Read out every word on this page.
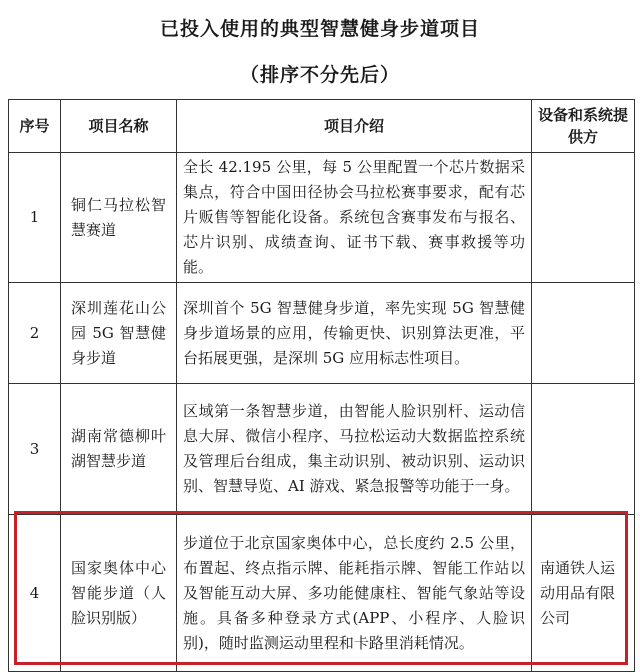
已投入使用的典型智慧健身步道项目
（排序不分先后）
序号	项目名称	项目介绍	设备和系统提供方
1	铜仁马拉松智慧赛道	全长 42.195 公里，每 5 公里配置一个芯片数据采集点，符合中国田径协会马拉松赛事要求，配有芯片贩售等智能化设备。系统包含赛事发布与报名、芯片识别、成绩查询、证书下载、赛事救援等功能。	
2	深圳莲花山公园 5G 智慧健身步道	深圳首个 5G 智慧健身步道，率先实现 5G 智慧健身步道场景的应用，传输更快、识别算法更准，平台拓展更强，是深圳 5G 应用标志性项目。	
3	湖南常德柳叶湖智慧步道	区域第一条智慧步道，由智能人脸识别杆、运动信息大屏、微信小程序、马拉松运动大数据监控系统及管理后台组成，集主动识别、被动识别、运动识别、智慧导览、AI 游戏、紧急报警等功能于一身。	
4	国家奥体中心智能步道（人脸识别版）	步道位于北京国家奥体中心，总长度约 2.5 公里，布置起、终点指示牌、能耗指示牌、智能工作站以及智能互动大屏、多功能健康柱、智能气象站等设施。具备多种登录方式(APP、小程序、人脸识别)，随时监测运动里程和卡路里消耗情况。	南通铁人运动用品有限公司
